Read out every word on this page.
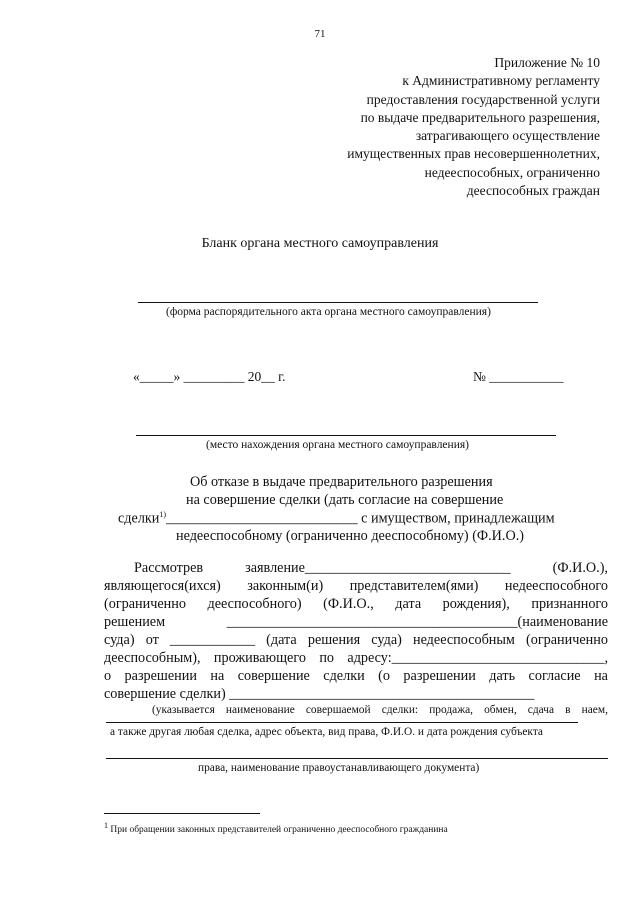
71
Приложение № 10
к Административному регламенту
предоставления государственной услуги
по выдаче предварительного разрешения,
затрагивающего осуществление
имущественных прав несовершеннолетних,
недееспособных, ограниченно
дееспособных граждан
Бланк органа местного самоуправления
(форма распорядительного акта органа местного самоуправления)
«_____» _________ 20__ г.	№ ___________
(место нахождения органа местного самоуправления)
Об отказе в выдаче предварительного разрешения
на совершение сделки (дать согласие на совершение
сделки$^{1)}$___________________________ с имуществом, принадлежащим
недееспособному (ограниченно дееспособному) (Ф.И.О.)
Рассмотрев	заявление_____________________________	(Ф.И.О.),
являющегося(ихся) законным(и) представителем(ями) недееспособного
(ограниченно дееспособного) (Ф.И.О., дата рождения), признанного
решением	_________________________________________(наименование
суда) от ____________ (дата решения суда) недееспособным (ограниченно
дееспособным), проживающего по адресу:______________________________,
о разрешении на совершение сделки (о разрешении дать согласие на
совершение сделки) ___________________________________________
(указывается наименование совершаемой сделки: продажа, обмен, сдача в наем,
а также другая любая сделка, адрес объекта, вид права, Ф.И.О. и дата рождения субъекта
права, наименование правоустанавливающего документа)
$^1$ При обращении законных представителей ограниченно дееспособного гражданина
